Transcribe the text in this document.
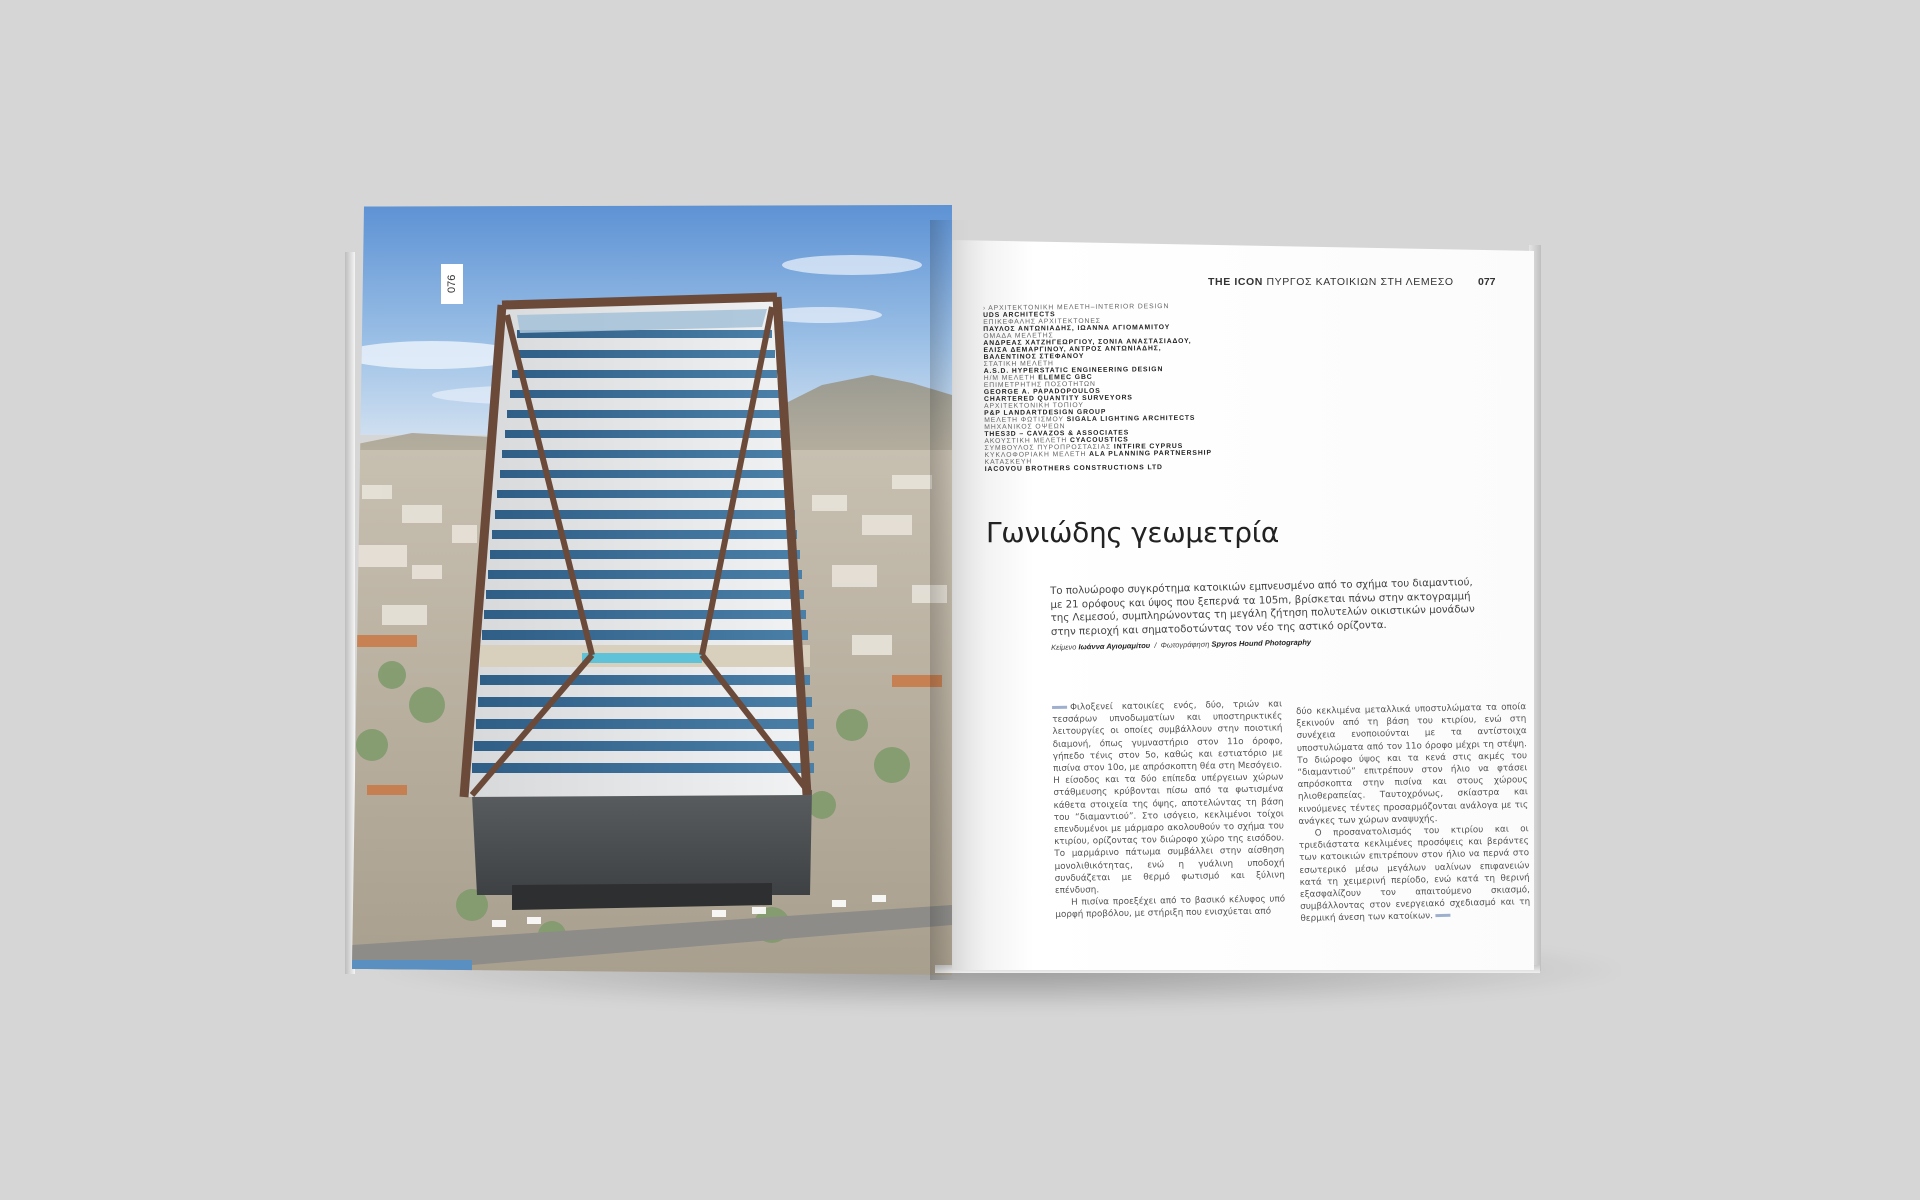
076	THE ICON ΠΥΡΓΟΣ ΚΑΤΟΙΚΙΩΝ ΣΤΗ ΛΕΜΕΣΟ 077
› ΑΡΧΙΤΕΚΤΟΝΙΚΗ ΜΕΛΕΤΗ–INTERIOR DESIGN
UDS ARCHITECTS
ΕΠΙΚΕΦΑΛΗΣ ΑΡΧΙΤΕΚΤΟΝΕΣ
ΠΑΥΛΟΣ ΑΝΤΩΝΙΑΔΗΣ, ΙΩΑΝΝΑ ΑΓΙΟΜΑΜΙΤΟΥ
ΟΜΑΔΑ ΜΕΛΕΤΗΣ
ΑΝΔΡΕΑΣ ΧΑΤΖΗΓΕΩΡΓΙΟΥ, ΣΟΝΙΑ ΑΝΑΣΤΑΣΙΑΔΟΥ,
ΕΛΙΣΑ ΔΕΜΑΡΓΙΝΟΥ, ΑΝΤΡΟΣ ΑΝΤΩΝΙΑΔΗΣ,
ΒΑΛΕΝΤΙΝΟΣ ΣΤΕΦΑΝΟΥ
ΣΤΑΤΙΚΗ ΜΕΛΕΤΗ
A.S.D. HYPERSTATIC ENGINEERING DESIGN
Η/Μ ΜΕΛΕΤΗ ELEMEC GBC
ΕΠΙΜΕΤΡΗΤΗΣ ΠΟΣΟΤΗΤΩΝ
GEORGE A. PAPADOPOULOS
CHARTERED QUANTITY SURVEYORS
ΑΡΧΙΤΕΚΤΟΝΙΚΗ ΤΟΠΙΟΥ
P&P LANDARTDESIGN GROUP
ΜΕΛΕΤΗ ΦΩΤΙΣΜΟΥ SIGALA LIGHTING ARCHITECTS
ΜΗΧΑΝΙΚΟΣ ΟΨΕΩΝ
THES3D – CAVAZOS & ASSOCIATES
ΑΚΟΥΣΤΙΚΗ ΜΕΛΕΤΗ CYACOUSTICS
ΣΥΜΒΟΥΛΟΣ ΠΥΡΟΠΡΟΣΤΑΣΙΑΣ INTFIRE CYPRUS
ΚΥΚΛΟΦΟΡΙΑΚΗ ΜΕΛΕΤΗ ALA PLANNING PARTNERSHIP
ΚΑΤΑΣΚΕΥΗ
IACOVOU BROTHERS CONSTRUCTIONS LTD
Γωνιώδης γεωμετρία
Το πολυώροφο συγκρότημα κατοικιών εμπνευσμένο από το σχήμα του διαμαντιού, με 21 ορόφους και ύψος που ξεπερνά τα 105m, βρίσκεται πάνω στην ακτογραμμή της Λεμεσού, συμπληρώνοντας τη μεγάλη ζήτηση πολυτελών οικιστικών μονάδων στην περιοχή και σηματοδοτώντας τον νέο της αστικό ορίζοντα.
Κείμενο Ιωάννα Αγιομαμίτου / Φωτογράφηση Spyros Hound Photography

Φιλοξενεί κατοικίες ενός, δύο, τριών και τεσσάρων υπνοδωματίων και υποστηρικτικές λειτουργίες οι οποίες συμβάλλουν στην ποιοτική διαμονή, όπως γυμναστήριο στον 11ο όροφο, γήπεδο τένις στον 5ο, καθώς και εστιατόριο με πισίνα στον 10ο, με απρόσκοπτη θέα στη Μεσόγειο.

Η είσοδος και τα δύο επίπεδα υπέργειων χώρων στάθμευσης κρύβονται πίσω από τα φωτισμένα κάθετα στοιχεία της όψης, αποτελώντας τη βάση του “διαμαντιού”. Στο ισόγειο, κεκλιμένοι τοίχοι επενδυμένοι με μάρμαρο ακολουθούν το σχήμα του κτιρίου, ορίζοντας τον διώροφο χώρο της εισόδου. Το μαρμάρινο πάτωμα συμβάλλει στην αίσθηση μονολιθικότητας, ενώ η γυάλινη υποδοχή συνδυάζεται με θερμό φωτισμό και ξύλινη επένδυση.

Η πισίνα προεξέχει από το βασικό κέλυφος υπό μορφή προβόλου, με στήριξη που ενισχύεται από

δύο κεκλιμένα μεταλλικά υποστυλώματα τα οποία ξεκινούν από τη βάση του κτιρίου, ενώ στη συνέχεια ενοποιούνται με τα αντίστοιχα υποστυλώματα από τον 11ο όροφο μέχρι τη στέψη. Το διώροφο ύψος και τα κενά στις ακμές του “διαμαντιού” επιτρέπουν στον ήλιο να φτάσει απρόσκοπτα στην πισίνα και στους χώρους ηλιοθεραπείας. Ταυτοχρόνως, σκίαστρα και κινούμενες τέντες προσαρμόζονται ανάλογα με τις ανάγκες των χώρων αναψυχής.

Ο προσανατολισμός του κτιρίου και οι τριεδιάστατα κεκλιμένες προσόψεις και βεράντες των κατοικιών επιτρέπουν στον ήλιο να περνά στο εσωτερικό μέσω μεγάλων υαλίνων επιφανειών κατά τη χειμερινή περίοδο, ενώ κατά τη θερινή εξασφαλίζουν τον απαιτούμενο σκιασμό, συμβάλλοντας στον ενεργειακό σχεδιασμό και τη θερμική άνεση των κατοίκων.
